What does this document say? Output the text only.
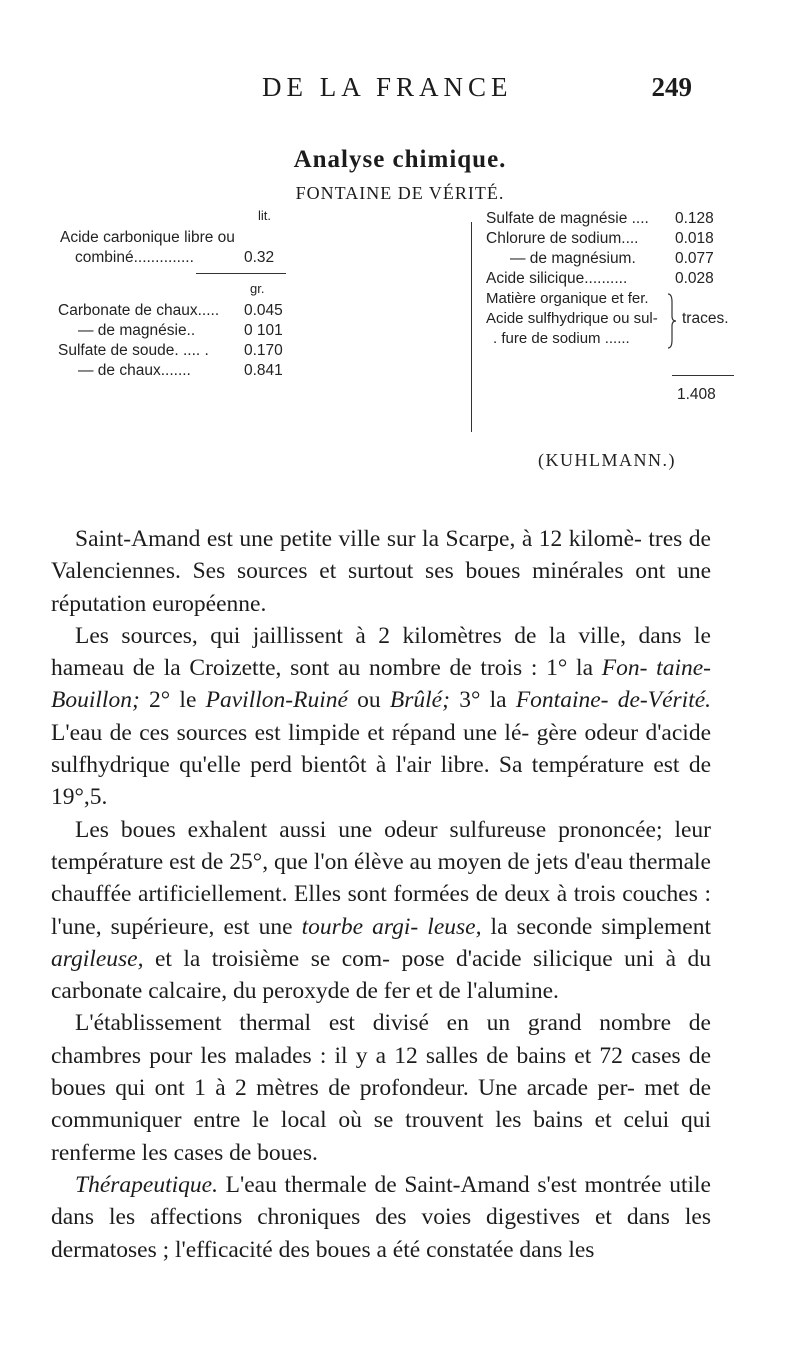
DE LA FRANCE	249
Analyse chimique.
FONTAINE DE VÉRITÉ.
lit.
Acide carbonique libre ou
combiné..............	0.32
gr.
Carbonate de chaux..... 0.045
— de magnésie..	0 101
Sulfate de soude. .... . 0.170
— de chaux.......	0.841
Sulfate de magnésie .... 0.128
Chlorure de sodium.... 0.018
— de magnésium.	0.077
Acide silicique..........	0.028
Matière organique et fer.
Acide sulfhydrique ou sul-
. fure de sodium ......
traces.
1.408
(KUHLMANN.)

Saint-Amand est une petite ville sur la Scarpe, à 12 kilomè- tres de Valenciennes. Ses sources et surtout ses boues minérales ont une réputation européenne.

Les sources, qui jaillissent à 2 kilomètres de la ville, dans le hameau de la Croizette, sont au nombre de trois : 1° la Fon- taine-Bouillon; 2° le Pavillon-Ruiné ou Brûlé; 3° la Fontaine- de-Vérité. L'eau de ces sources est limpide et répand une lé- gère odeur d'acide sulfhydrique qu'elle perd bientôt à l'air libre. Sa température est de 19°,5.

Les boues exhalent aussi une odeur sulfureuse prononcée; leur température est de 25°, que l'on élève au moyen de jets d'eau thermale chauffée artificiellement. Elles sont formées de deux à trois couches : l'une, supérieure, est une tourbe argi- leuse, la seconde simplement argileuse, et la troisième se com- pose d'acide silicique uni à du carbonate calcaire, du peroxyde de fer et de l'alumine.

L'établissement thermal est divisé en un grand nombre de chambres pour les malades : il y a 12 salles de bains et 72 cases de boues qui ont 1 à 2 mètres de profondeur. Une arcade per- met de communiquer entre le local où se trouvent les bains et celui qui renferme les cases de boues.

Thérapeutique. L'eau thermale de Saint-Amand s'est montrée utile dans les affections chroniques des voies digestives et dans les dermatoses ; l'efficacité des boues a été constatée dans les
